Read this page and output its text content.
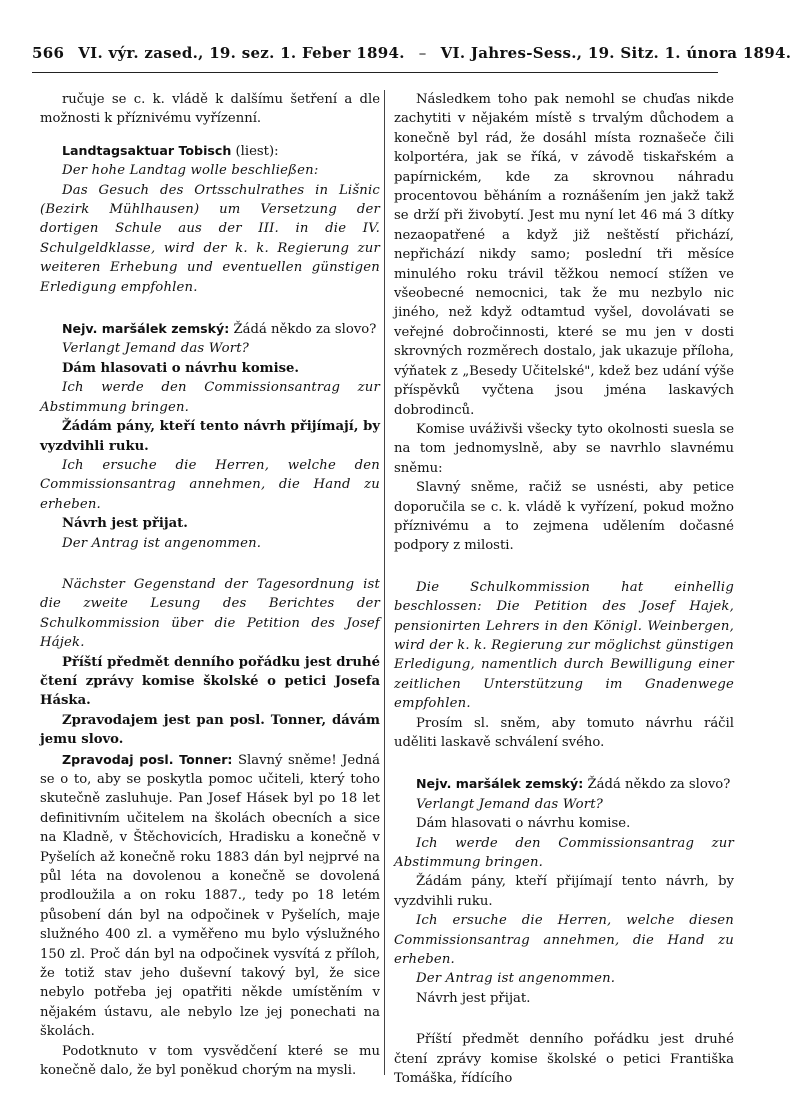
566 VI. výr. zased., 19. sez. 1. Feber 1894. – VI. Jahres-Sess., 19. Sitz. 1. února 1894.

ručuje se c. k. vládě k dalšímu šetření a dle možnosti k příznivému vyřízenní.

Landtagsaktuar Tobisch (liest):

Der hohe Landtag wolle beschließen:

Das Gesuch des Ortsschulrathes in Lišnic (Bezirk Mühlhausen) um Versetzung der dortigen Schule aus der III. in die IV. Schulgeldklasse, wird der k. k. Regierung zur weiteren Erhebung und eventuellen günstigen Erledigung empfohlen.

Nejv. maršálek zemský: Žádá někdo za slovo?

Verlangt Jemand das Wort?

Dám hlasovati o návrhu komise.

Ich werde den Commissionsantrag zur Abstimmung bringen.

Žádám pány, kteří tento návrh přijímají, by vyzdvihli ruku.

Ich ersuche die Herren, welche den Commissionsantrag annehmen, die Hand zu erheben.

Návrh jest přijat.

Der Antrag ist angenommen.

Nächster Gegenstand der Tagesordnung ist die zweite Lesung des Berichtes der Schulkommission über die Petition des Josef Hájek.

Příští předmět denního pořádku jest druhé čtení zprávy komise školské o petici Josefa Háska.

Zpravodajem jest pan posl. Tonner, dávám jemu slovo.

Zpravodaj posl. Tonner: Slavný sněme! Jedná se o to, aby se poskytla pomoc učiteli, který toho skutečně zasluhuje. Pan Josef Hásek byl po 18 let definitivním učitelem na školách obecních a sice na Kladně, v Štěchovicích, Hradisku a konečně v Pyšelích až konečně roku 1883 dán byl nejprvé na půl léta na dovolenou a konečně se dovolená prodloužila a on roku 1887., tedy po 18 letém působení dán byl na odpočinek v Pyšelích, maje služného 400 zl. a vyměřeno mu bylo výslužného 150 zl. Proč dán byl na odpočinek vysvítá z příloh, že totiž stav jeho duševní takový byl, že sice nebylo potřeba jej opatřiti někde umístěním v nějakém ústavu, ale nebylo lze jej ponechati na školách.

Podotknuto v tom vysvědčení které se mu konečně dalo, že byl poněkud chorým na mysli.

Následkem toho pak nemohl se chuďas nikde zachytiti v nějakém místě s trvalým důchodem a konečně byl rád, že dosáhl místa roznašeče čili kolportéra, jak se říká, v závodě tiskařském a papírnickém, kde za skrovnou náhradu procentovou běháním a roznášením jen jakž takž se drží při živobytí. Jest mu nyní let 46 má 3 dítky nezaopatřené a když již neštěstí přichází, nepřichází nikdy samo; poslední tři měsíce minulého roku trávil těžkou nemocí stížen ve všeobecné nemocnici, tak že mu nezbylo nic jiného, než když odtamtud vyšel, dovolávati se veřejné dobročinnosti, které se mu jen v dosti skrovných rozměrech dostalo, jak ukazuje příloha, výňatek z „Besedy Učitelské", kdež bez udání výše příspěvků vyčtena jsou jména laskavých dobrodinců.

Komise uváživši všecky tyto okolnosti suesla se na tom jednomyslně, aby se navrhlo slavnému sněmu:

Slavný sněme, račiž se usnésti, aby petice doporučila se c. k. vládě k vyřízení, pokud možno příznivému a to zejmena udělením dočasné podpory z milosti.

Die Schulkommission hat einhellig beschlossen: Die Petition des Josef Hajek, pensionirten Lehrers in den Königl. Weinbergen, wird der k. k. Regierung zur möglichst günstigen Erledigung, namentlich durch Bewilligung einer zeitlichen Unterstützung im Gnadenwege empfohlen.

Prosím sl. sněm, aby tomuto návrhu ráčil uděliti laskavě schválení svého.

Nejv. maršálek zemský: Žádá někdo za slovo?

Verlangt Jemand das Wort?

Dám hlasovati o návrhu komise.

Ich werde den Commissionsantrag zur Abstimmung bringen.

Žádám pány, kteří přijímají tento návrh, by vyzdvihli ruku.

Ich ersuche die Herren, welche diesen Commissionsantrag annehmen, die Hand zu erheben.

Der Antrag ist angenommen.

Návrh jest přijat.

Příští předmět denního pořádku jest druhé čtení zprávy komise školské o petici Františka Tomáška, řídícího
